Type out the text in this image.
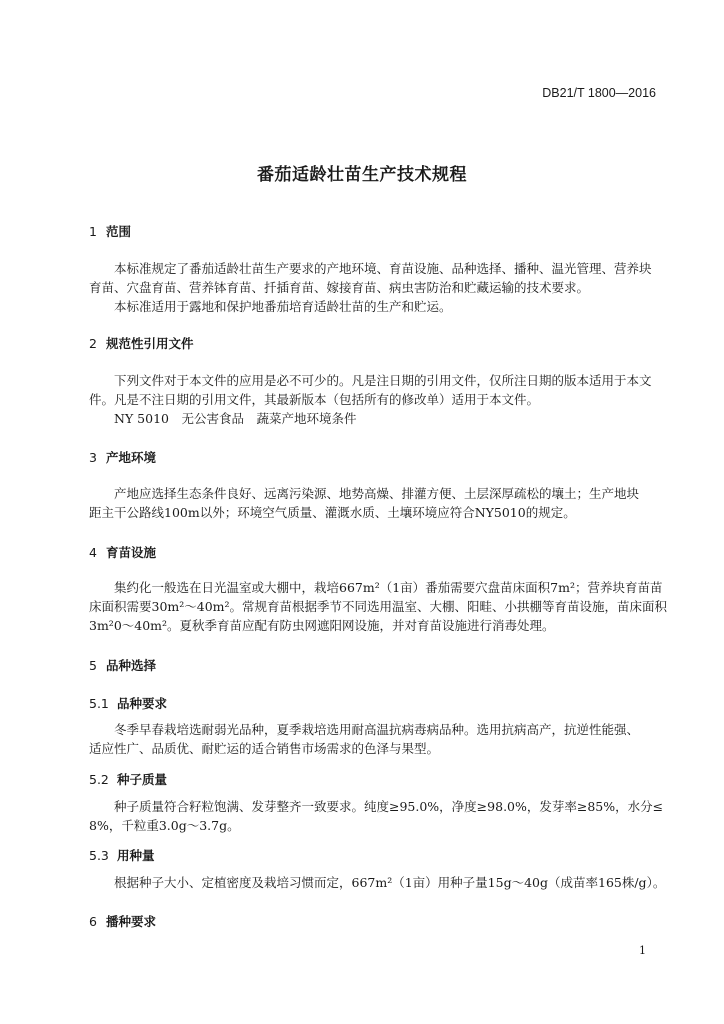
DB21/T 1800—2016
番茄适龄壮苗生产技术规程
1 范围
本标准规定了番茄适龄壮苗生产要求的产地环境、育苗设施、品种选择、播种、温光管理、营养块
育苗、穴盘育苗、营养钵育苗、扦插育苗、嫁接育苗、病虫害防治和贮藏运输的技术要求。
本标准适用于露地和保护地番茄培育适龄壮苗的生产和贮运。
2 规范性引用文件
下列文件对于本文件的应用是必不可少的。凡是注日期的引用文件，仅所注日期的版本适用于本文
件。凡是不注日期的引用文件，其最新版本（包括所有的修改单）适用于本文件。
NY 5010　无公害食品　蔬菜产地环境条件
3 产地环境
产地应选择生态条件良好、远离污染源、地势高燥、排灌方便、土层深厚疏松的壤土；生产地块
距主干公路线100m以外；环境空气质量、灌溉水质、土壤环境应符合NY5010的规定。
4 育苗设施
集约化一般选在日光温室或大棚中，栽培667m²（1亩）番茄需要穴盘苗床面积7m²；营养块育苗苗
床面积需要30m²～40m²。常规育苗根据季节不同选用温室、大棚、阳畦、小拱棚等育苗设施，苗床面积
3m²0～40m²。夏秋季育苗应配有防虫网遮阳网设施，并对育苗设施进行消毒处理。
5 品种选择
5.1 品种要求
冬季早春栽培选耐弱光品种，夏季栽培选用耐高温抗病毒病品种。选用抗病高产，抗逆性能强、
适应性广、品质优、耐贮运的适合销售市场需求的色泽与果型。
5.2 种子质量
种子质量符合籽粒饱满、发芽整齐一致要求。纯度≥95.0%，净度≥98.0%，发芽率≥85%，水分≤
8%，千粒重3.0g～3.7g。
5.3 用种量
根据种子大小、定植密度及栽培习惯而定，667m²（1亩）用种子量15g～40g（成苗率165株/g）。
6 播种要求
1
